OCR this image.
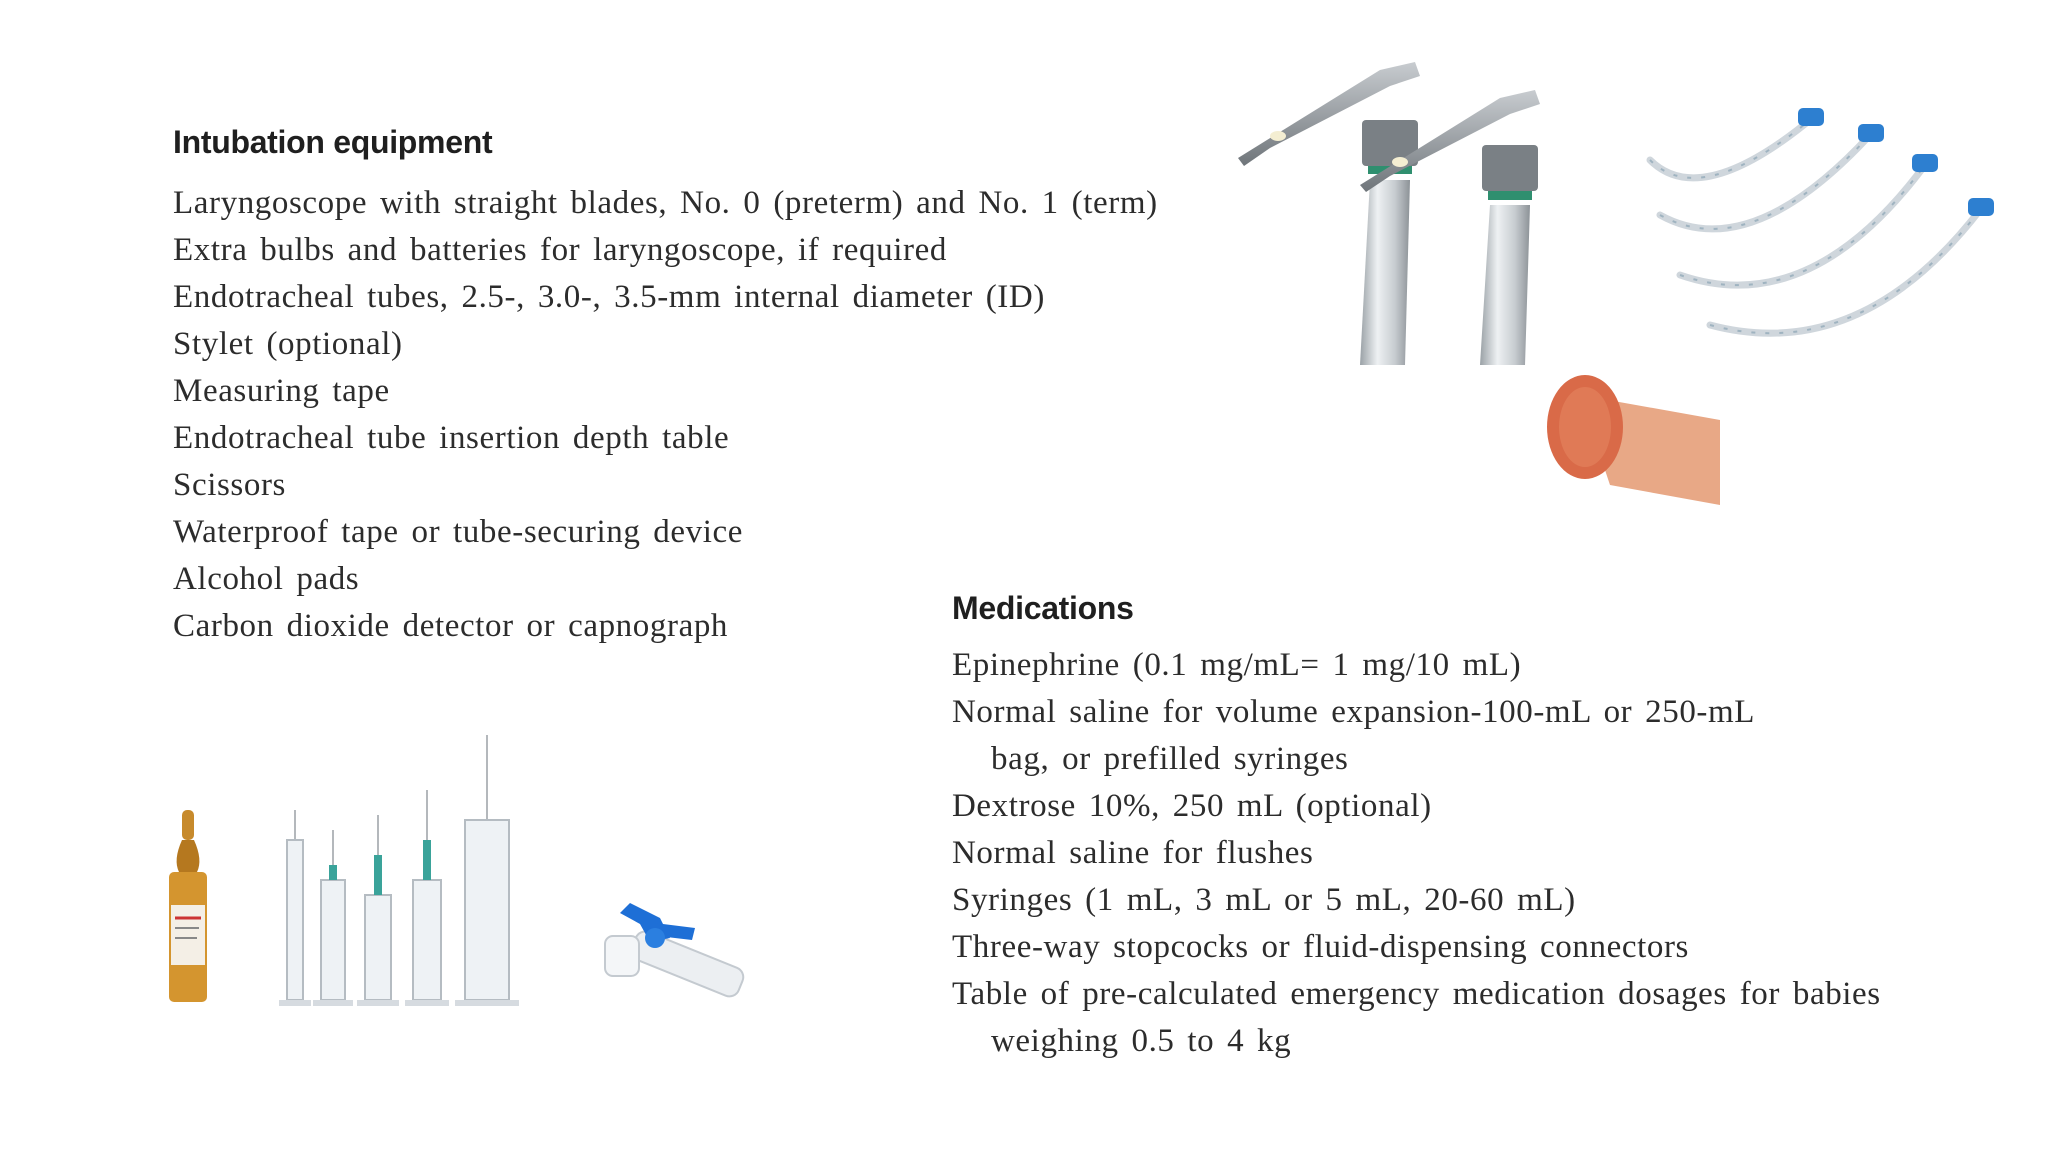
Intubation equipment
Laryngoscope with straight blades, No. 0 (preterm) and No. 1 (term)
Extra bulbs and batteries for laryngoscope, if required
Endotracheal tubes, 2.5-, 3.0-, 3.5-mm internal diameter (ID)
Stylet (optional)
Measuring tape
Endotracheal tube insertion depth table
Scissors
Waterproof tape or tube-securing device
Alcohol pads
Carbon dioxide detector or capnograph	Medications
Epinephrine (0.1 mg/mL= 1 mg/10 mL)
Normal saline for volume expansion-100-mL or 250-mL
bag, or prefilled syringes
Dextrose 10%, 250 mL (optional)
Normal saline for flushes
Syringes (1 mL, 3 mL or 5 mL, 20-60 mL)
Three-way stopcocks or fluid-dispensing connectors
Table of pre-calculated emergency medication dosages for babies
weighing 0.5 to 4 kg
